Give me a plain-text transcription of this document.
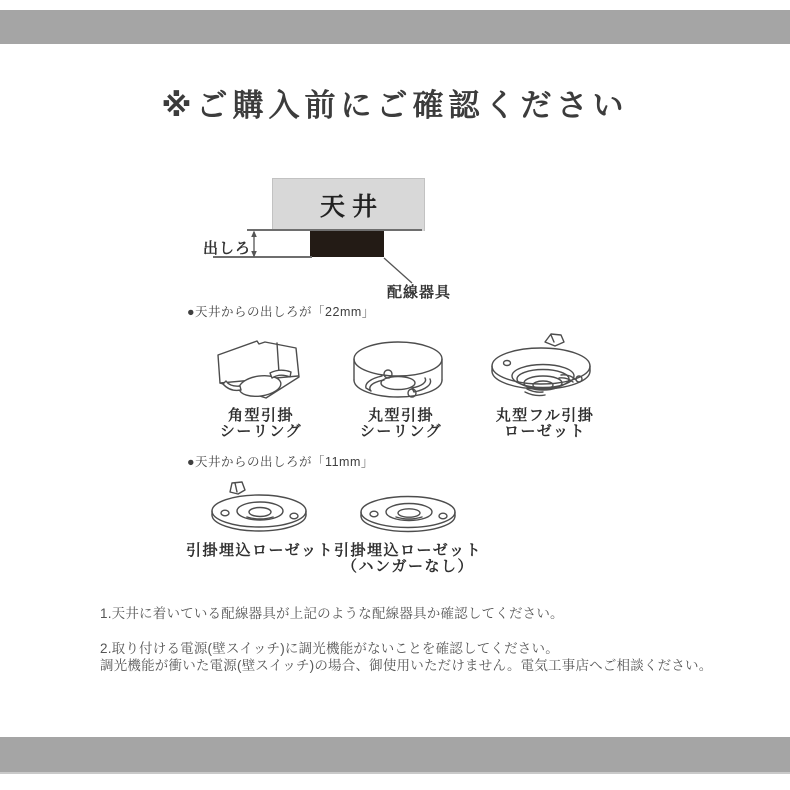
※ご購入前にご確認ください
天井
出しろ
配線器具
●天井からの出しろが「22mm」
角型引掛
シーリング
丸型引掛
シーリング
丸型フル引掛
ローゼット
●天井からの出しろが「11mm」
引掛埋込ローゼット 引掛埋込ローゼット
（ハンガーなし）
1.天井に着いている配線器具が上記のような配線器具か確認してください。
2.取り付ける電源(壁スイッチ)に調光機能がないことを確認してください。
調光機能が衝いた電源(壁スイッチ)の場合、御使用いただけません。電気工事店へご相談ください。
